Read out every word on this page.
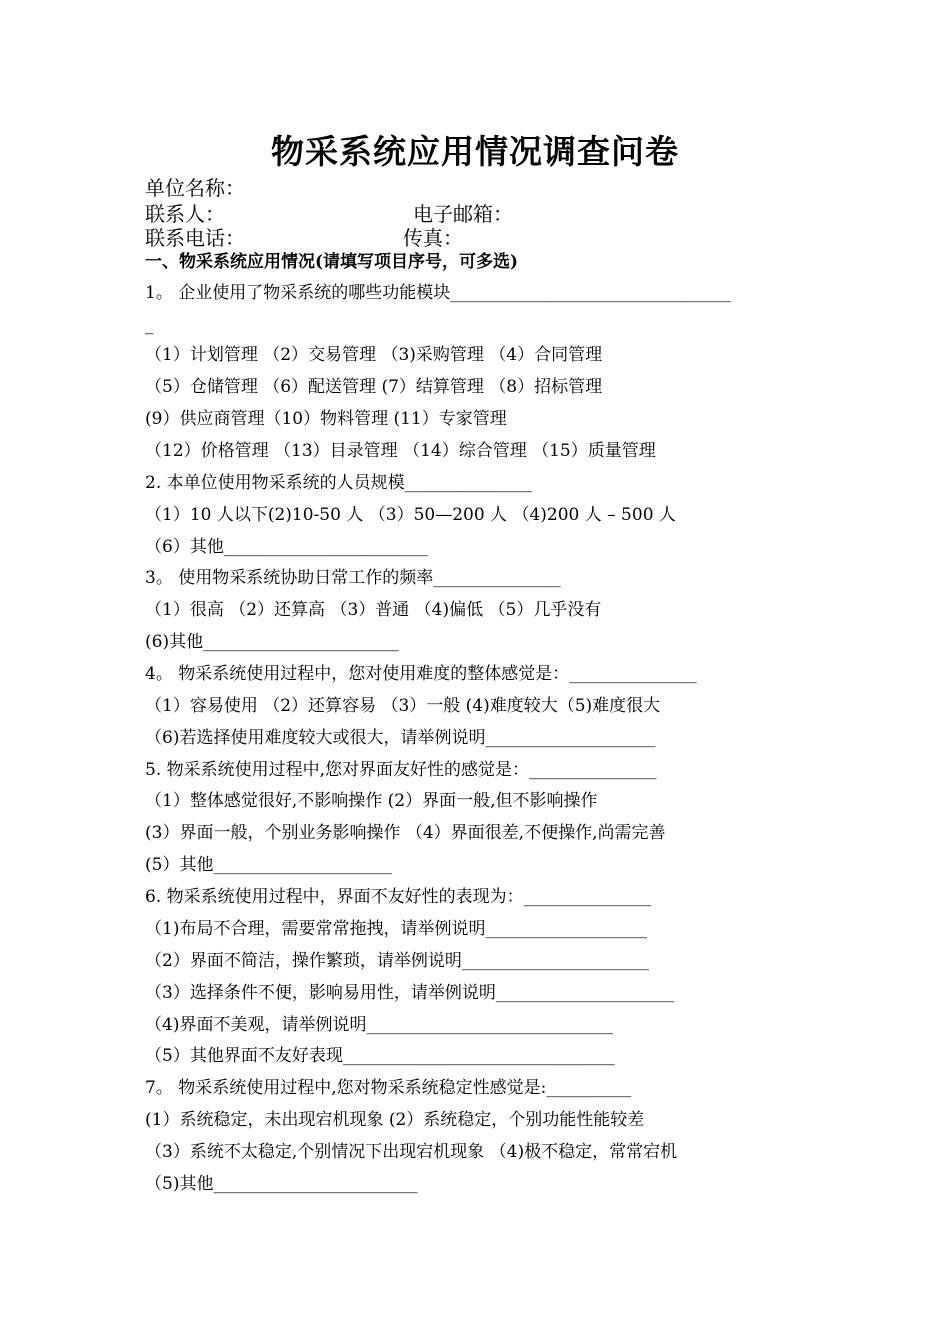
物采系统应用情况调查问卷
单位名称：
联系人：	电子邮箱：
联系电话：	传真：
一、物采系统应用情况(请填写项目序号，可多选)
1。 企业使用了物采系统的哪些功能模块_________________________________
_
（1）计划管理 （2）交易管理 （3)采购管理 （4）合同管理
（5）仓储管理 （6）配送管理 (7）结算管理 （8）招标管理
(9）供应商管理（10）物料管理 (11）专家管理
（12）价格管理 （13）目录管理 （14）综合管理 （15）质量管理
2. 本单位使用物采系统的人员规模_______________
（1）10 人以下(2)10-50 人 （3）50—200 人 （4)200 人 – 500 人
（6）其他________________________
3。 使用物采系统协助日常工作的频率_______________
（1）很高 （2）还算高 （3）普通 （4)偏低 （5）几乎没有
(6)其他_______________________
4。 物采系统使用过程中，您对使用难度的整体感觉是：_______________
（1）容易使用 （2）还算容易 （3）一般 (4)难度较大（5)难度很大
（6)若选择使用难度较大或很大，请举例说明____________________
5. 物采系统使用过程中,您对界面友好性的感觉是：_______________
（1）整体感觉很好,不影响操作 (2）界面一般,但不影响操作
(3）界面一般，个别业务影响操作 （4）界面很差,不便操作,尚需完善
(5）其他_____________________
6. 物采系统使用过程中，界面不友好性的表现为：_______________
（1)布局不合理，需要常常拖拽，请举例说明___________________
（2）界面不简洁，操作繁琐，请举例说明______________________
（3）选择条件不便，影响易用性，请举例说明_____________________
（4)界面不美观，请举例说明_____________________________
（5）其他界面不友好表现________________________________
7。 物采系统使用过程中,您对物采系统稳定性感觉是:__________
(1）系统稳定，未出现宕机现象 (2）系统稳定，个别功能性能较差
（3）系统不太稳定,个别情况下出现宕机现象 （4)极不稳定，常常宕机
（5)其他________________________
